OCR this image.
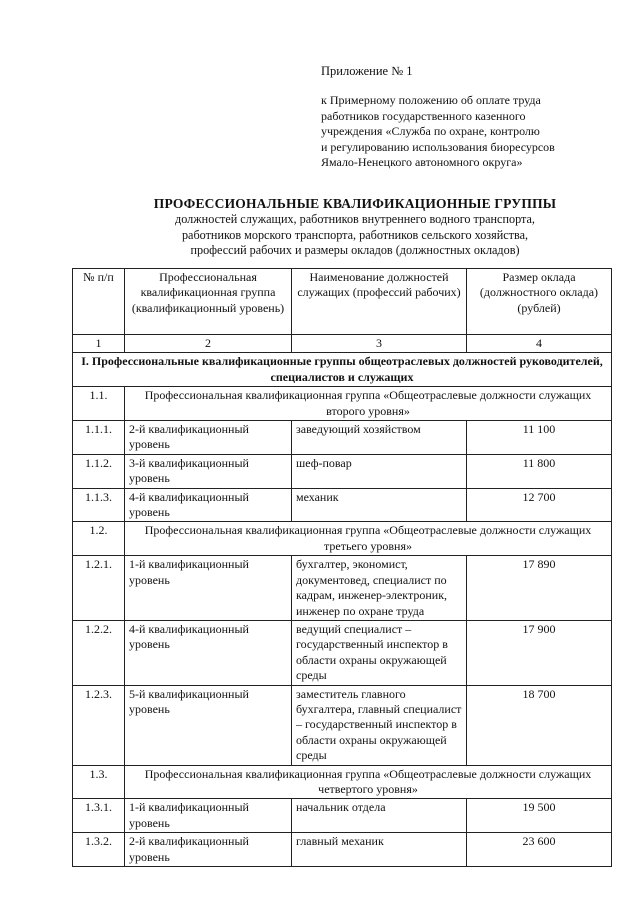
Приложение № 1
к Примерному положению об оплате труда
работников государственного казенного
учреждения «Служба по охране, контролю
и регулированию использования биоресурсов
Ямало-Ненецкого автономного округа»
ПРОФЕССИОНАЛЬНЫЕ КВАЛИФИКАЦИОННЫЕ ГРУППЫ
должностей служащих, работников внутреннего водного транспорта,
работников морского транспорта, работников сельского хозяйства,
профессий рабочих и размеры окладов (должностных окладов)
№ п/п	Профессиональная квалификационная группа (квалификационный уровень)	Наименование должностей служащих (профессий рабочих)	Размер оклада (должностного оклада) (рублей)
1	2	3	4
I. Профессиональные квалификационные группы общеотраслевых должностей руководителей, специалистов и служащих			
1.1.	Профессиональная квалификационная группа «Общеотраслевые должности служащих второго уровня»		
1.1.1.	2-й квалификационный уровень	заведующий хозяйством	11 100
1.1.2.	3-й квалификационный уровень	шеф-повар	11 800
1.1.3.	4-й квалификационный уровень	механик	12 700
1.2.	Профессиональная квалификационная группа «Общеотраслевые должности служащих третьего уровня»		
1.2.1.	1-й квалификационный уровень	бухгалтер, экономист, документовед, специалист по кадрам, инженер-электроник, инженер по охране труда	17 890
1.2.2.	4-й квалификационный уровень	ведущий специалист – государственный инспектор в области охраны окружающей среды	17 900
1.2.3.	5-й квалификационный уровень	заместитель главного бухгалтера, главный специалист – государственный инспектор в области охраны окружающей среды	18 700
1.3.	Профессиональная квалификационная группа «Общеотраслевые должности служащих четвертого уровня»		
1.3.1.	1-й квалификационный уровень	начальник отдела	19 500
1.3.2.	2-й квалификационный уровень	главный механик	23 600
